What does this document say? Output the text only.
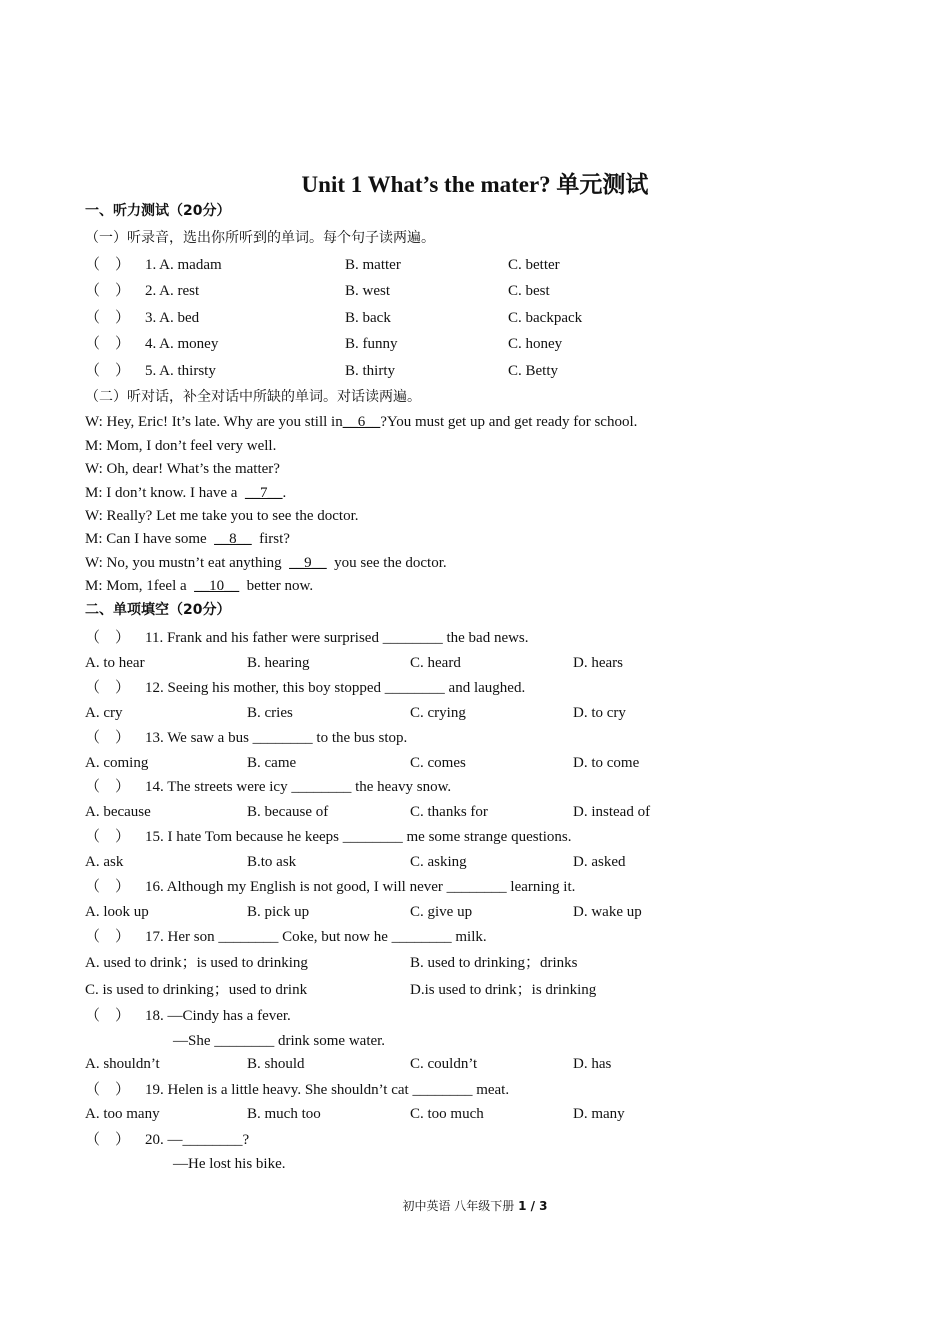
Unit 1 What’s the mater? 单元测试
一、听力测试（20分）
（一）听录音，选出你所听到的单词。每个句子读两遍。
（    ） 1. A. madam	B. matter	C. better
（    ） 2. A. rest	B. west	C. best
（    ） 3. A. bed	B. back	C. backpack
（    ） 4. A. money	B. funny	C. honey
（    ） 5. A. thirsty	B. thirty	C. Betty
（二）听对话，补全对话中所缺的单词。对话读两遍。
W: Hey, Eric! It’s late. Why are you still in__6__?You must get up and get ready for school.
M: Mom, I don’t feel very well.
W: Oh, dear! What’s the matter?
M: I don’t know. I have a  __7__.
W: Really? Let me take you to see the doctor.
M: Can I have some  __8__  first?
W: No, you mustn’t eat anything  __9__  you see the doctor.
M: Mom, 1feel a  __10__  better now.
二、单项填空（20分）
（    ） 11. Frank and his father were surprised ________ the bad news.
A. to hear	B. hearing	C. heard	D. hears
（    ） 12. Seeing his mother, this boy stopped ________ and laughed.
A. cry	B. cries	C. crying	D. to cry
（    ） 13. We saw a bus ________ to the bus stop.
A. coming	B. came	C. comes	D. to come
（    ） 14. The streets were icy ________ the heavy snow.
A. because	B. because of	C. thanks for	D. instead of
（    ） 15. I hate Tom because he keeps ________ me some strange questions.
A. ask	B.to ask	C. asking	D. asked
（    ） 16. Although my English is not good, I will never ________ learning it.
A. look up	B. pick up	C. give up	D. wake up
（    ） 17. Her son ________ Coke, but now he ________ milk.
A. used to drink；is used to drinking	B. used to drinking；drinks
C. is used to drinking；used to drink	D.is used to drink；is drinking
（    ） 18. —Cindy has a fever.
—She ________ drink some water.
A. shouldn’t	B. should	C. couldn’t	D. has
（    ） 19. Helen is a little heavy. She shouldn’t cat ________ meat.
A. too many	B. much too	C. too much	D. many
（    ） 20. —________?
—He lost his bike.
初中英语 八年级下册 1 / 3
